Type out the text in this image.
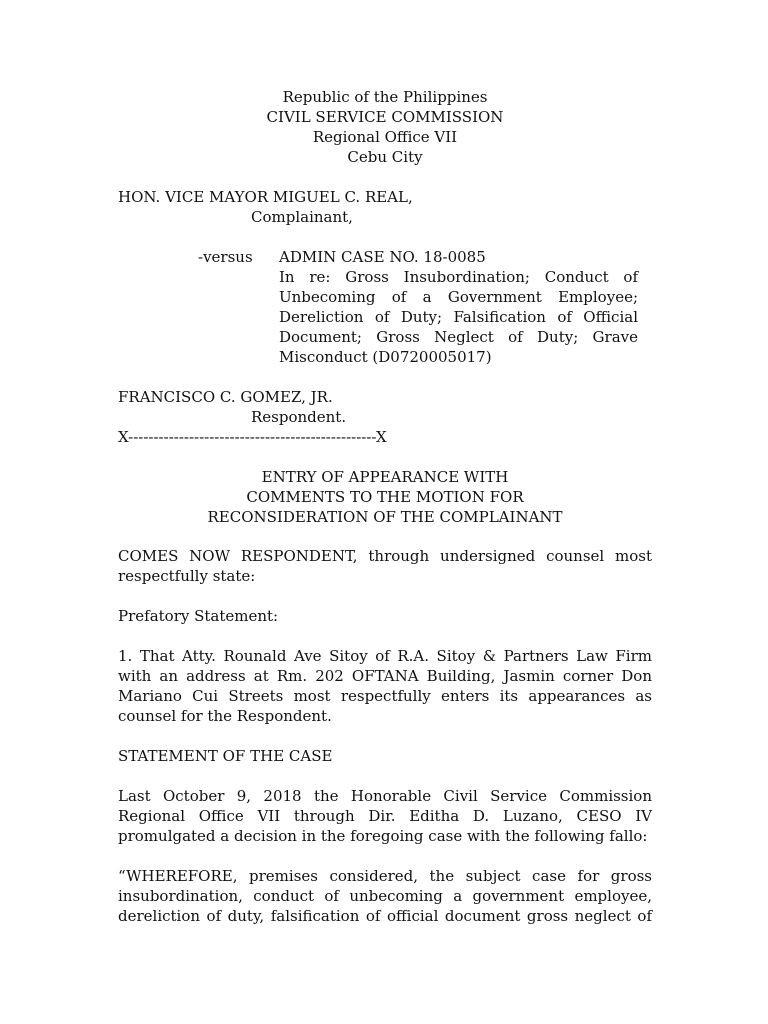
Republic of the Philippines
CIVIL SERVICE COMMISSION
Regional Office VII
Cebu City
HON. VICE MAYOR MIGUEL C. REAL,
Complainant,
-versus ADMIN CASE NO. 18-0085
In re: Gross Insubordination; Conduct of
Unbecoming of a Government Employee;
Dereliction of Duty; Falsification of Official
Document; Gross Neglect of Duty; Grave
Misconduct (D0720005017)
FRANCISCO C. GOMEZ, JR.
Respondent.
X-------------------------------------------------X
ENTRY OF APPEARANCE WITH
COMMENTS TO THE MOTION FOR
RECONSIDERATION OF THE COMPLAINANT
COMES NOW RESPONDENT, through undersigned counsel most
respectfully state:
Prefatory Statement:
1. That Atty. Rounald Ave Sitoy of R.A. Sitoy & Partners Law Firm
with an address at Rm. 202 OFTANA Building, Jasmin corner Don
Mariano Cui Streets most respectfully enters its appearances as
counsel for the Respondent.
STATEMENT OF THE CASE
Last October 9, 2018 the Honorable Civil Service Commission
Regional Office VII through Dir. Editha D. Luzano, CESO IV
promulgated a decision in the foregoing case with the following fallo:
“WHEREFORE, premises considered, the subject case for gross
insubordination, conduct of unbecoming a government employee,
dereliction of duty, falsification of official document gross neglect of
